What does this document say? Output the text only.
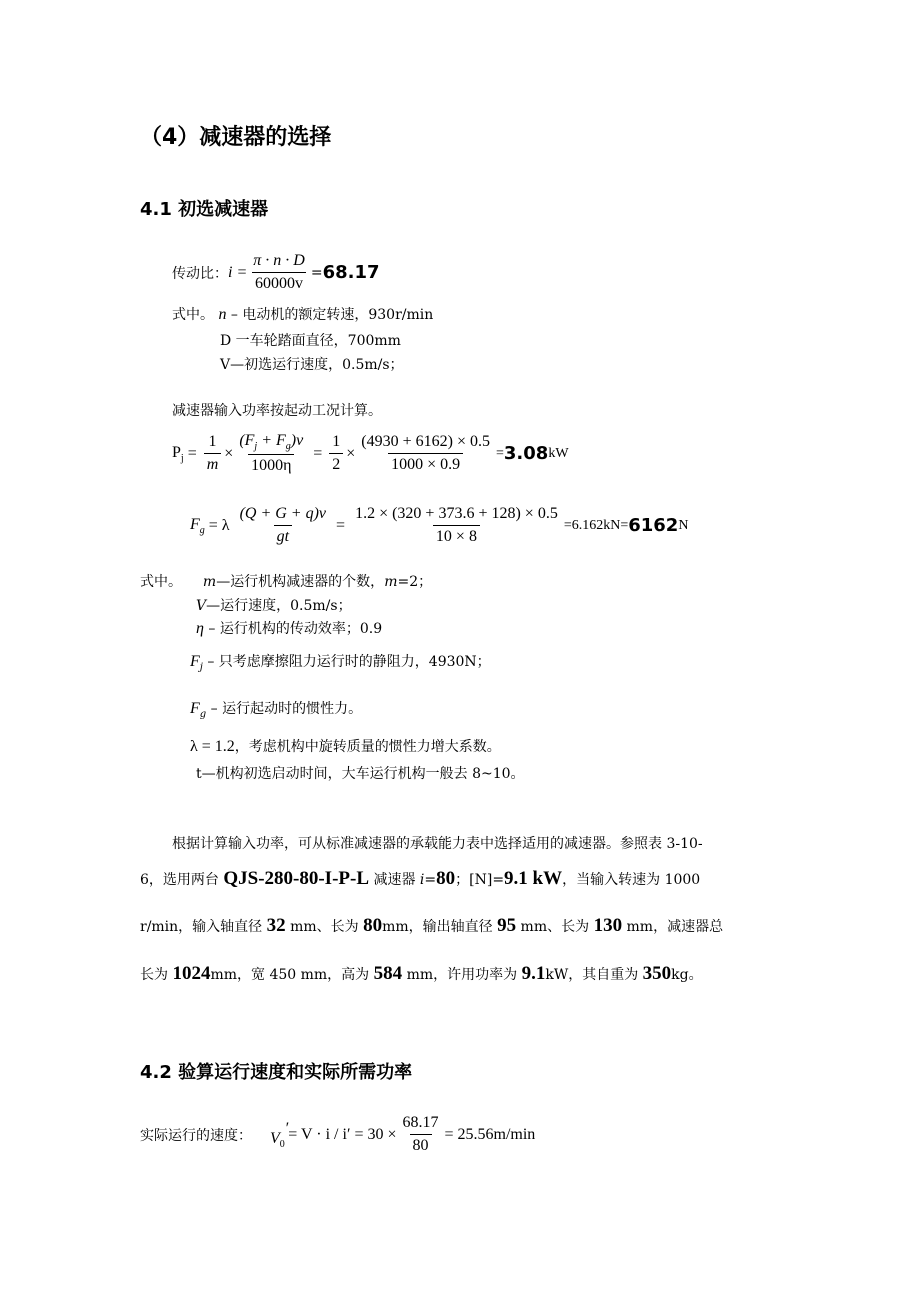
（4）减速器的选择
4.1 初选减速器
传动比： $i = \frac{\pi \cdot n \cdot D}{60000v} = 68.17$
式中。 n – 电动机的额定转速，930r/min
D 一车轮踏面直径，700mm
V—初选运行速度，0.5m/s；
减速器输入功率按起动工况计算。
$P_j = \frac{1}{m} \times \frac{(F_j + F_g)v}{1000\eta} = \frac{1}{2} \times \frac{(4930 + 6162) \times 0.5}{1000 \times 0.9} = 3.08$ kW
$F_g = \lambda \frac{(Q + G + q)v}{gt} = \frac{1.2 \times (320 + 373.6 + 128) \times 0.5}{10 \times 8} =6.162kN= 6162$ N
式中。 m—运行机构减速器的个数，m=2；
V—运行速度，0.5m/s；
η – 运行机构的传动效率；0.9
$F_j$ – 只考虑摩擦阻力运行时的静阻力，4930N；
$F_g$ – 运行起动时的惯性力。
λ = 1.2，考虑机构中旋转质量的惯性力增大系数。
t—机构初选启动时间，大车运行机构一般去 8~10。
根据计算输入功率，可从标准减速器的承载能力表中选择适用的减速器。参照表 3-10-
6，选用两台 QJS-280-80-I-P-L 减速器 i=80；[N]=9.1 kW，当输入转速为 1000
r/min，输入轴直径 32 mm、长为 80mm，输出轴直径 95 mm、长为 130 mm，减速器总
长为 1024mm，宽 450 mm，高为 584 mm，许用功率为 9.1kW，其自重为 350kg。
4.2 验算运行速度和实际所需功率
实际运行的速度： $V_0' = V \cdot i / i' = 30 \times \frac{68.17}{80} = 25.56m/\min$
